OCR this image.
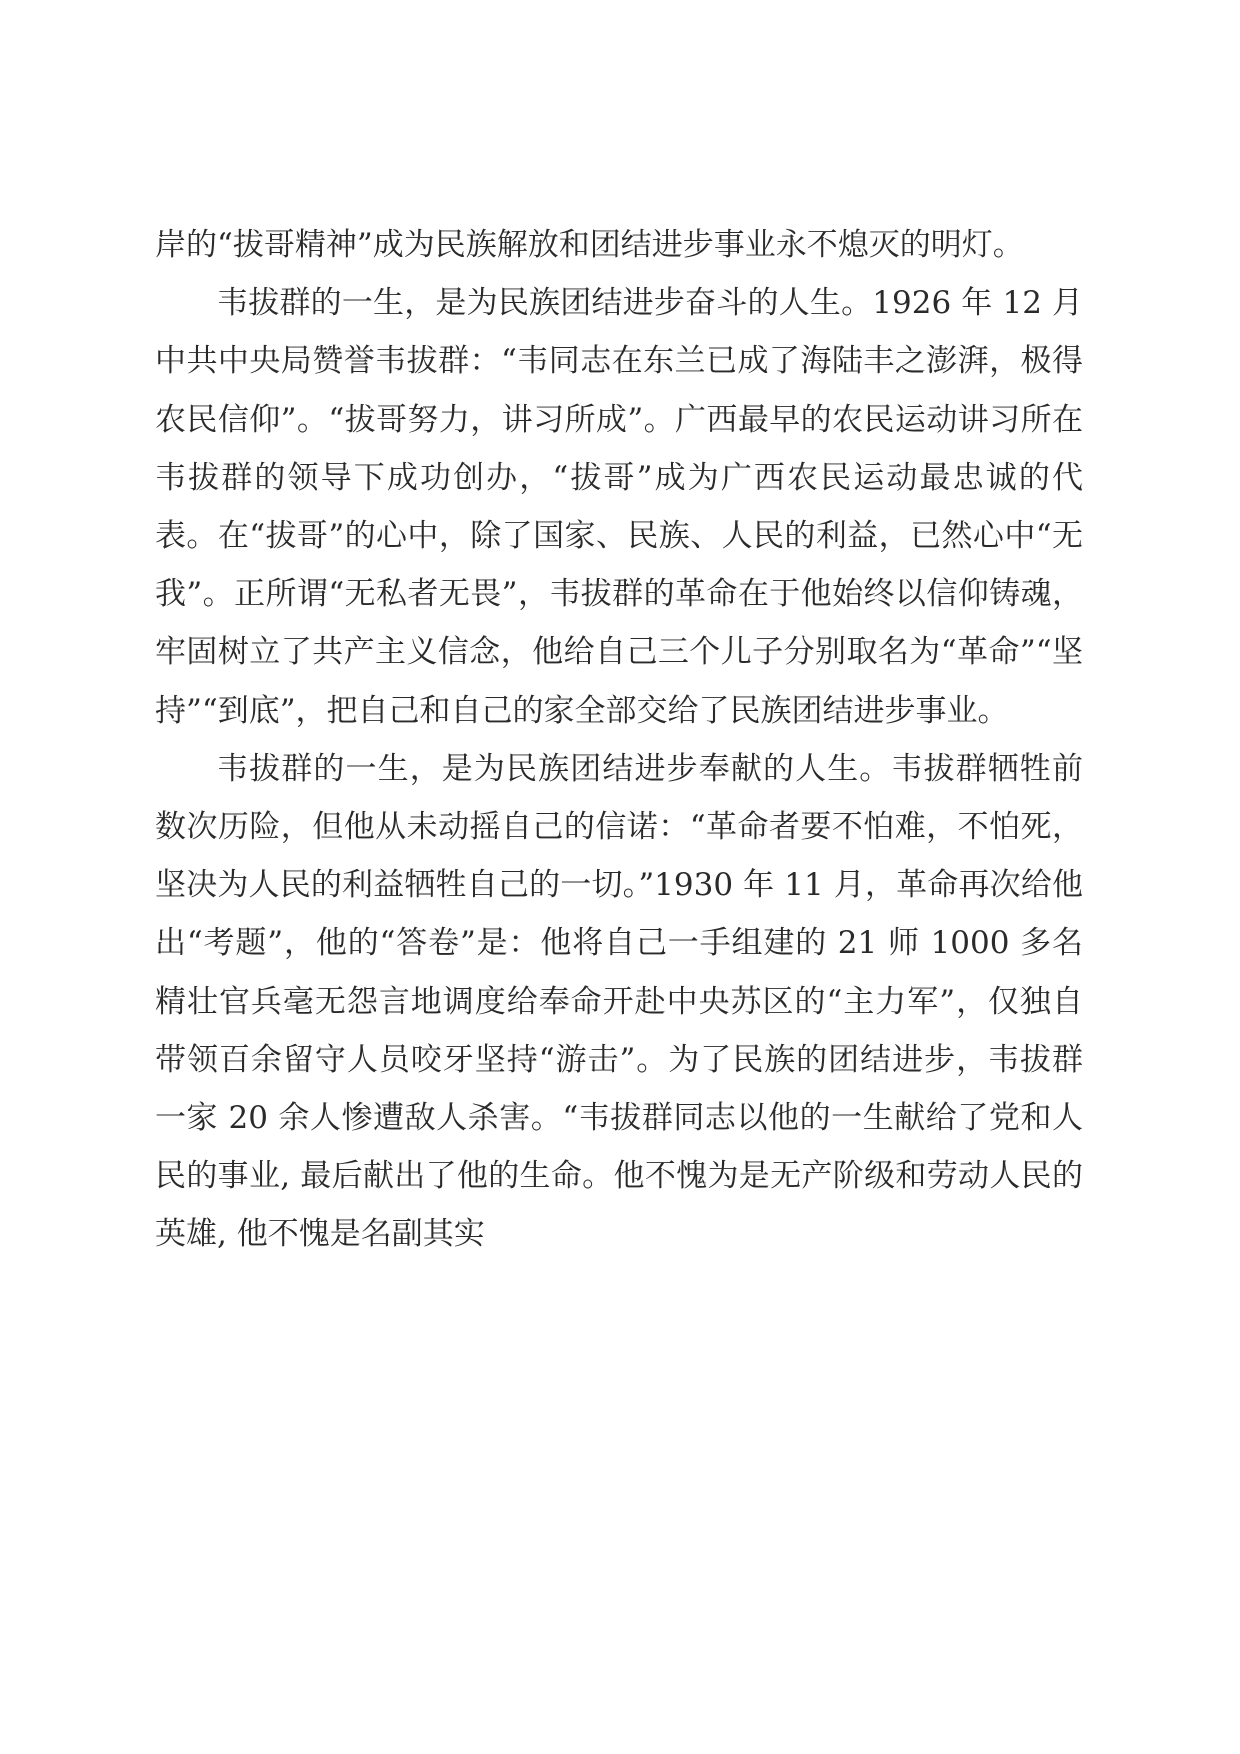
岸的“拔哥精神”成为民族解放和团结进步事业永不熄灭的明灯。

韦拔群的一生，是为民族团结进步奋斗的人生。1926 年 12 月中共中央局赞誉韦拔群：“韦同志在东兰已成了海陆丰之澎湃，极得农民信仰”。“拔哥努力，讲习所成”。广西最早的农民运动讲习所在韦拔群的领导下成功创办，“拔哥”成为广西农民运动最忠诚的代表。在“拔哥”的心中，除了国家、民族、人民的利益，已然心中“无我”。正所谓“无私者无畏”，韦拔群的革命在于他始终以信仰铸魂，牢固树立了共产主义信念，他给自己三个儿子分别取名为“革命”“坚持”“到底”，把自己和自己的家全部交给了民族团结进步事业。

韦拔群的一生，是为民族团结进步奉献的人生。韦拔群牺牲前数次历险，但他从未动摇自己的信诺：“革命者要不怕难，不怕死，坚决为人民的利益牺牲自己的一切。”1930 年 11 月，革命再次给他出“考题”，他的“答卷”是：他将自己一手组建的 21 师 1000 多名精壮官兵毫无怨言地调度给奉命开赴中央苏区的“主力军”，仅独自带领百余留守人员咬牙坚持“游击”。为了民族的团结进步，韦拔群一家 20 余人惨遭敌人杀害。“韦拔群同志以他的一生献给了党和人民的事业, 最后献出了他的生命。他不愧为是无产阶级和劳动人民的英雄, 他不愧是名副其实
